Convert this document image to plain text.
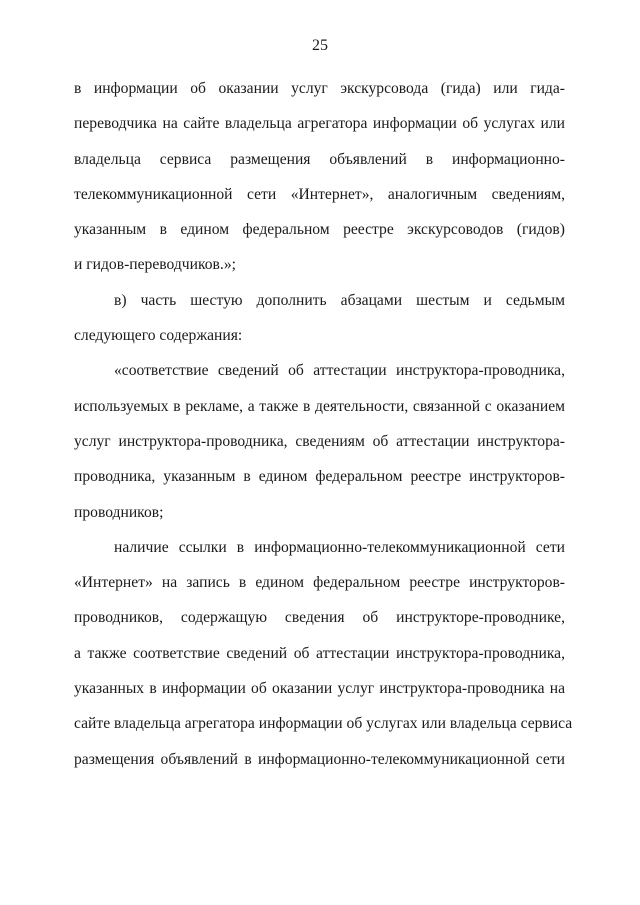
25
в информации об оказании услуг экскурсовода (гида) или гида-
переводчика на сайте владельца агрегатора информации об услугах или
владельца сервиса размещения объявлений в информационно-
телекоммуникационной сети «Интернет», аналогичным сведениям,
указанным в едином федеральном реестре экскурсоводов (гидов)
и гидов-переводчиков.»;
в) часть шестую дополнить абзацами шестым и седьмым
следующего содержания:
«соответствие сведений об аттестации инструктора-проводника,
используемых в рекламе, а также в деятельности, связанной с оказанием
услуг инструктора-проводника, сведениям об аттестации инструктора-
проводника, указанным в едином федеральном реестре инструкторов-
проводников;
наличие ссылки в информационно-телекоммуникационной сети
«Интернет» на запись в едином федеральном реестре инструкторов-
проводников, содержащую сведения об инструкторе-проводнике,
а также соответствие сведений об аттестации инструктора-проводника,
указанных в информации об оказании услуг инструктора-проводника на
сайте владельца агрегатора информации об услугах или владельца сервиса
размещения объявлений в информационно-телекоммуникационной сети
